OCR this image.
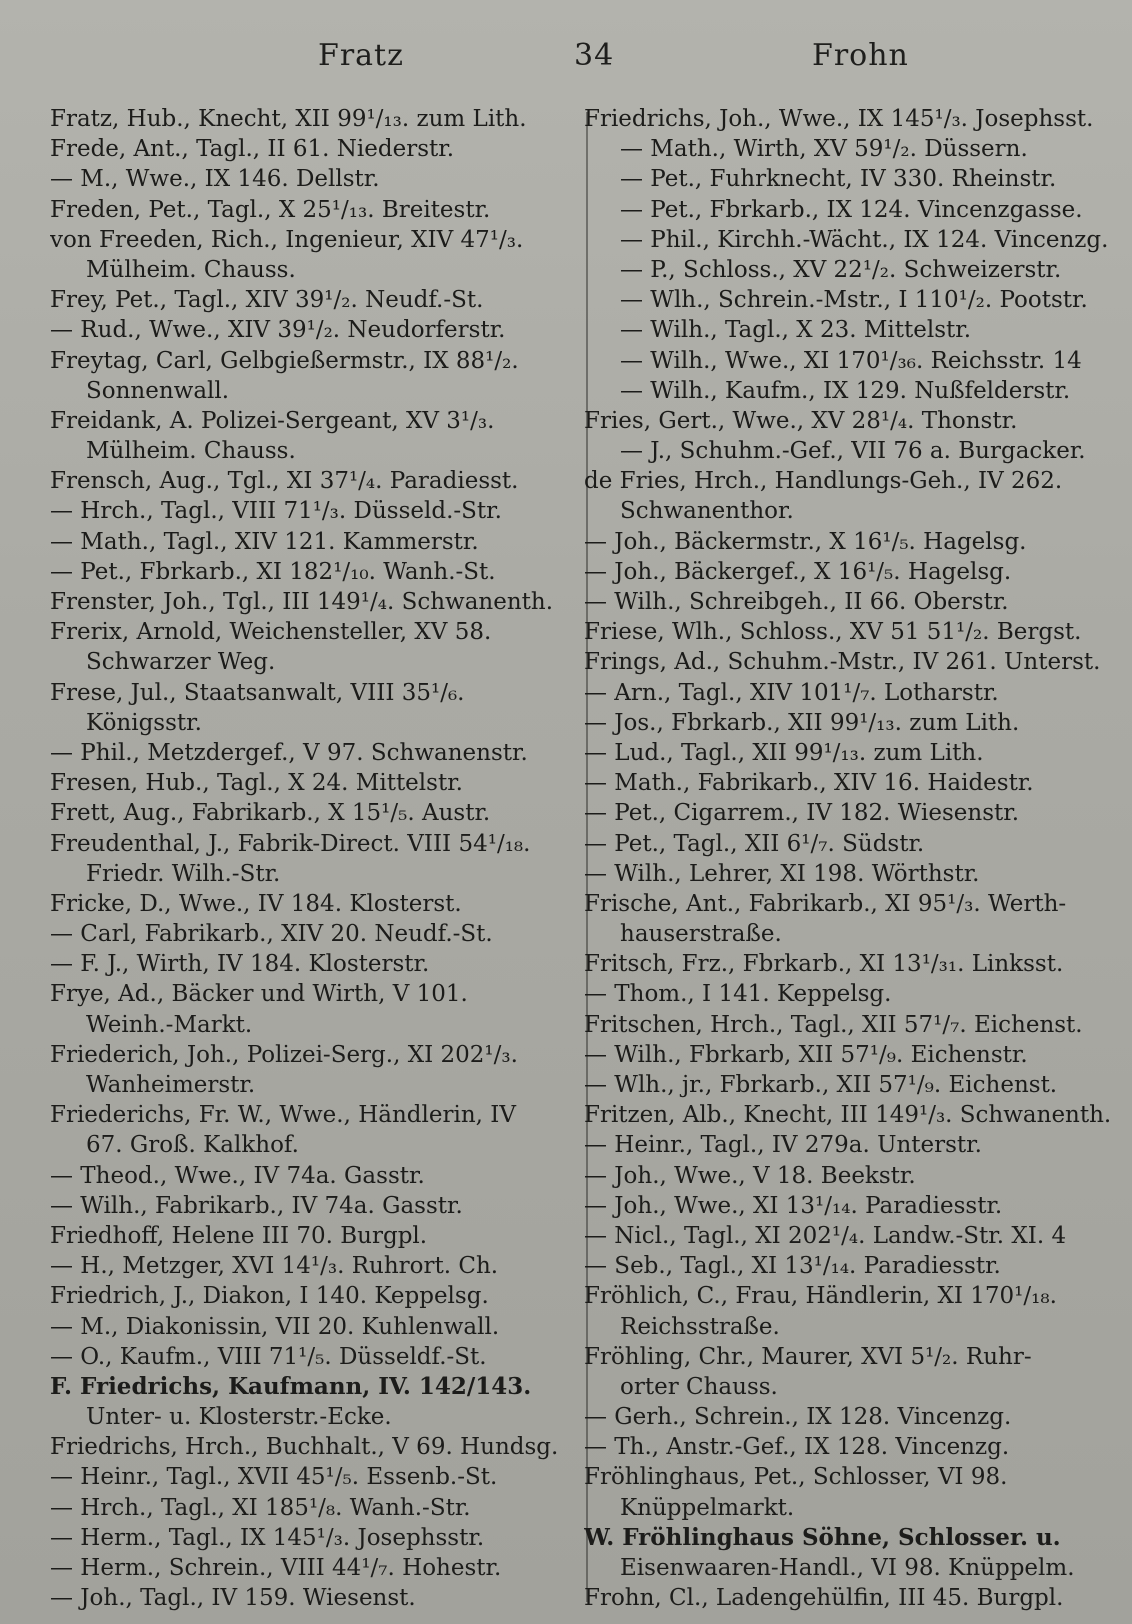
Fratz	34	Frohn
Fratz, Hub., Knecht, XII 99¹/₁₃. zum Lith.
Frede, Ant., Tagl., II 61. Niederstr.
— M., Wwe., IX 146. Dellstr.
Freden, Pet., Tagl., X 25¹/₁₃. Breitestr.
von Freeden, Rich., Ingenieur, XIV 47¹/₃.
Mülheim. Chauss.
Frey, Pet., Tagl., XIV 39¹/₂. Neudf.-St.
— Rud., Wwe., XIV 39¹/₂. Neudorferstr.
Freytag, Carl, Gelbgießermstr., IX 88¹/₂.
Sonnenwall.
Freidank, A. Polizei-Sergeant, XV 3¹/₃.
Mülheim. Chauss.
Frensch, Aug., Tgl., XI 37¹/₄. Paradiesst.
— Hrch., Tagl., VIII 71¹/₃. Düsseld.-Str.
— Math., Tagl., XIV 121. Kammerstr.
— Pet., Fbrkarb., XI 182¹/₁₀. Wanh.-St.
Frenster, Joh., Tgl., III 149¹/₄. Schwanenth.
Frerix, Arnold, Weichensteller, XV 58.
Schwarzer Weg.
Frese, Jul., Staatsanwalt, VIII 35¹/₆.
Königsstr.
— Phil., Metzdergef., V 97. Schwanenstr.
Fresen, Hub., Tagl., X 24. Mittelstr.
Frett, Aug., Fabrikarb., X 15¹/₅. Austr.
Freudenthal, J., Fabrik-Direct. VIII 54¹/₁₈.
Friedr. Wilh.-Str.
Fricke, D., Wwe., IV 184. Klosterst.
— Carl, Fabrikarb., XIV 20. Neudf.-St.
— F. J., Wirth, IV 184. Klosterstr.
Frye, Ad., Bäcker und Wirth, V 101.
Weinh.-Markt.
Friederich, Joh., Polizei-Serg., XI 202¹/₃.
Wanheimerstr.
Friederichs, Fr. W., Wwe., Händlerin, IV
67. Groß. Kalkhof.
— Theod., Wwe., IV 74a. Gasstr.
— Wilh., Fabrikarb., IV 74a. Gasstr.
Friedhoff, Helene III 70. Burgpl.
— H., Metzger, XVI 14¹/₃. Ruhrort. Ch.
Friedrich, J., Diakon, I 140. Keppelsg.
— M., Diakonissin, VII 20. Kuhlenwall.
— O., Kaufm., VIII 71¹/₅. Düsseldf.-St.
F. Friedrichs, Kaufmann, IV. 142/143.
Unter- u. Klosterstr.-Ecke.
Friedrichs, Hrch., Buchhalt., V 69. Hundsg.
— Heinr., Tagl., XVII 45¹/₅. Essenb.-St.
— Hrch., Tagl., XI 185¹/₈. Wanh.-Str.
— Herm., Tagl., IX 145¹/₃. Josephsstr.
— Herm., Schrein., VIII 44¹/₇. Hohestr.
— Joh., Tagl., IV 159. Wiesenst.
Friedrichs, Joh., Wwe., IX 145¹/₃. Josephsst.
— Math., Wirth, XV 59¹/₂. Düssern.
— Pet., Fuhrknecht, IV 330. Rheinstr.
— Pet., Fbrkarb., IX 124. Vincenzgasse.
— Phil., Kirchh.-Wächt., IX 124. Vincenzg.
— P., Schloss., XV 22¹/₂. Schweizerstr.
— Wlh., Schrein.-Mstr., I 110¹/₂. Pootstr.
— Wilh., Tagl., X 23. Mittelstr.
— Wilh., Wwe., XI 170¹/₃₆. Reichsstr. 14
— Wilh., Kaufm., IX 129. Nußfelderstr.
Fries, Gert., Wwe., XV 28¹/₄. Thonstr.
— J., Schuhm.-Gef., VII 76 a. Burgacker.
de Fries, Hrch., Handlungs-Geh., IV 262.
Schwanenthor.
— Joh., Bäckermstr., X 16¹/₅. Hagelsg.
— Joh., Bäckergef., X 16¹/₅. Hagelsg.
— Wilh., Schreibgeh., II 66. Oberstr.
Friese, Wlh., Schloss., XV 51 51¹/₂. Bergst.
Frings, Ad., Schuhm.-Mstr., IV 261. Unterst.
— Arn., Tagl., XIV 101¹/₇. Lotharstr.
— Jos., Fbrkarb., XII 99¹/₁₃. zum Lith.
— Lud., Tagl., XII 99¹/₁₃. zum Lith.
— Math., Fabrikarb., XIV 16. Haidestr.
— Pet., Cigarrem., IV 182. Wiesenstr.
— Pet., Tagl., XII 6¹/₇. Südstr.
— Wilh., Lehrer, XI 198. Wörthstr.
Frische, Ant., Fabrikarb., XI 95¹/₃. Werth-
hauserstraße.
Fritsch, Frz., Fbrkarb., XI 13¹/₃₁. Linksst.
— Thom., I 141. Keppelsg.
Fritschen, Hrch., Tagl., XII 57¹/₇. Eichenst.
— Wilh., Fbrkarb, XII 57¹/₉. Eichenstr.
— Wlh., jr., Fbrkarb., XII 57¹/₉. Eichenst.
Fritzen, Alb., Knecht, III 149¹/₃. Schwanenth.
— Heinr., Tagl., IV 279a. Unterstr.
— Joh., Wwe., V 18. Beekstr.
— Joh., Wwe., XI 13¹/₁₄. Paradiesstr.
— Nicl., Tagl., XI 202¹/₄. Landw.-Str. XI. 4
— Seb., Tagl., XI 13¹/₁₄. Paradiesstr.
Fröhlich, C., Frau, Händlerin, XI 170¹/₁₈.
Reichsstraße.
Fröhling, Chr., Maurer, XVI 5¹/₂. Ruhr-
orter Chauss.
— Gerh., Schrein., IX 128. Vincenzg.
— Th., Anstr.-Gef., IX 128. Vincenzg.
Fröhlinghaus, Pet., Schlosser, VI 98.
Knüppelmarkt.
W. Fröhlinghaus Söhne, Schlosser. u.
Eisenwaaren-Handl., VI 98. Knüppelm.
Frohn, Cl., Ladengehülfin, III 45. Burgpl.
